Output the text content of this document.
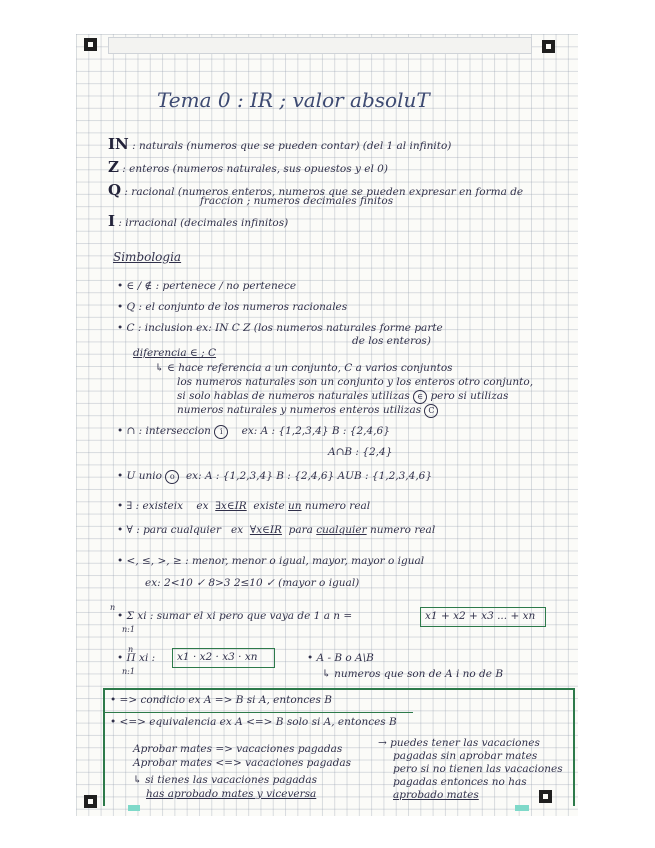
Tema 0 : IR ; valor absoluT
IN : naturals (numeros que se pueden contar) (del 1 al infinito)
Z : enteros (numeros naturales, sus opuestos y el 0)
Q : racional (numeros enteros, numeros que se pueden expresar en forma de
fraccion ; numeros decimales finitos
I : irracional (decimales infinitos)
Simbologia
• ∈ / ∉ : pertenece / no pertenece
• Q : el conjunto de los numeros racionales
• C : inclusion ex: IN C Z (los numeros naturales forme parte
de los enteros)
diferencia ∈ ; C
↳ ∈ hace referencia a un conjunto, C a varios conjuntos
los numeros naturales son un conjunto y los enteros otro conjunto,
si solo hablas de numeros naturales utilizas ∈ pero si utilizas
numeros naturales y numeros enteros utilizas C
• ∩ : interseccion i ex: A : {1,2,3,4} B : {2,4,6}
A∩B : {2,4}
• U unio o ex: A : {1,2,3,4} B : {2,4,6} AUB : {1,2,3,4,6}
• ∃ : existeix ex ∃x∈IR existe un numero real
• ∀ : para cualquier ex ∀x∈IR para cualquier numero real
• <, ≤, >, ≥ : menor, menor o igual, mayor, mayor o igual
ex: 2<10 ✓ 8>3 2≤10 ✓ (mayor o igual)
n
• Σ xi : sumar el xi pero que vaya de 1 a n =
n:1
x1 + x2 + x3 ... + xn
n
• Π xi :
n:1
x1 · x2 · x3 · xn	• A - B o A\B
↳ numeros que son de A i no de B
• => condicio ex A => B si A, entonces B
• <=> equivalencia ex A <=> B solo si A, entonces B
Aprobar mates => vacaciones pagadas
Aprobar mates <=> vacaciones pagadas
↳ si tienes las vacaciones pagadas
has aprobado mates y viceversa
→ puedes tener las vacaciones
pagadas sin aprobar mates
pero si no tienen las vacaciones
pagadas entonces no has
aprobado mates
